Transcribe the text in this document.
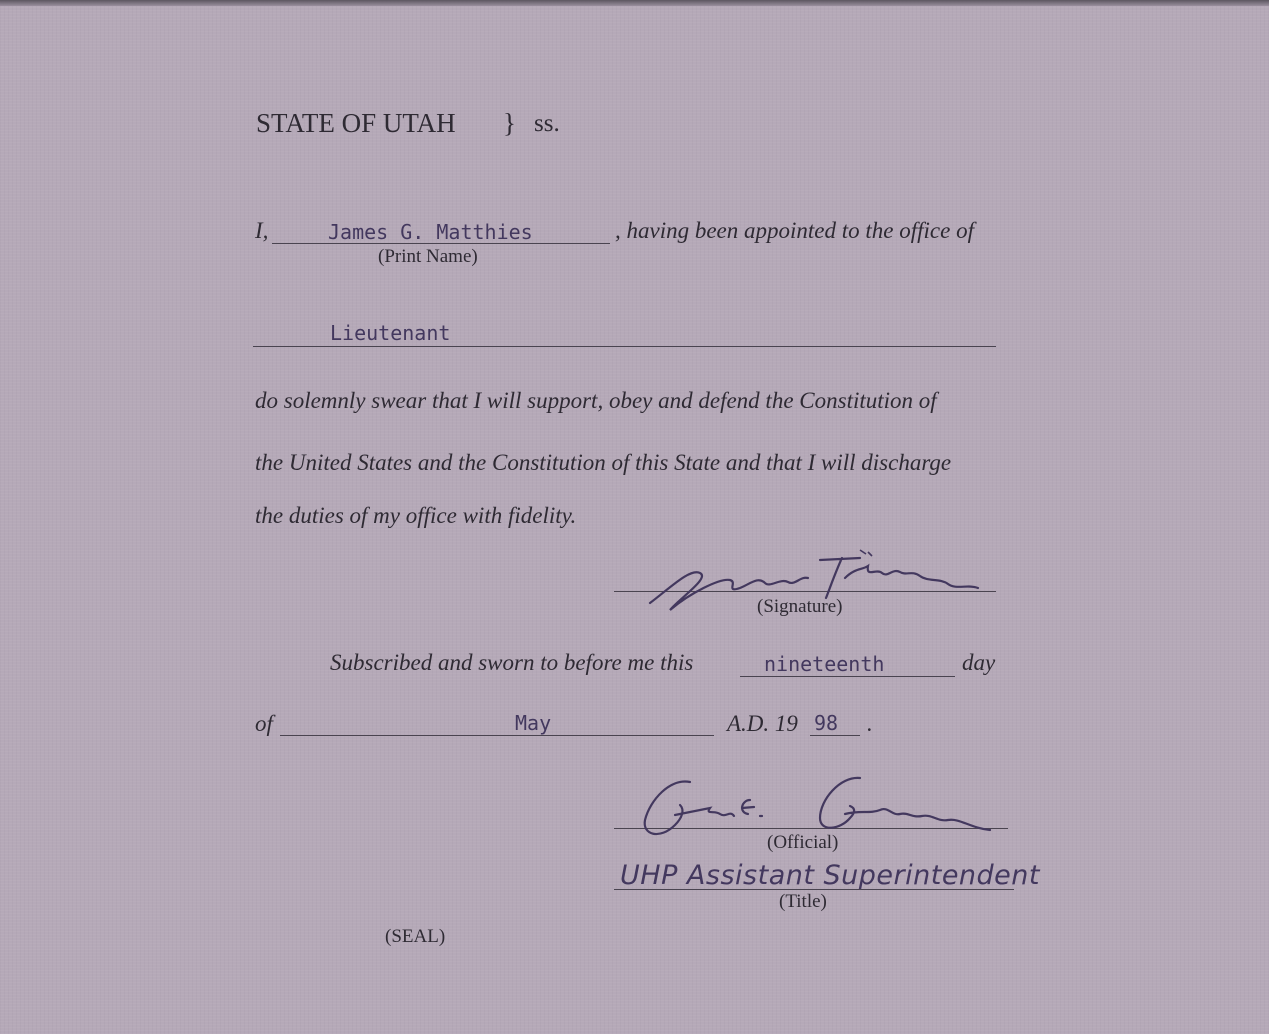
STATE OF UTAH } ss.
I,	James G. Matthies	, having been appointed to the office of
(Print Name)
Lieutenant
do solemnly swear that I will support, obey and defend the Constitution of
the United States and the Constitution of this State and that I will discharge
the duties of my office with fidelity.
(Signature)
Subscribed and sworn to before me this	nineteenth	day
of	May	A.D. 19 98 .
(Official)
UHP Assistant Superintendent
(Title)
(SEAL)
